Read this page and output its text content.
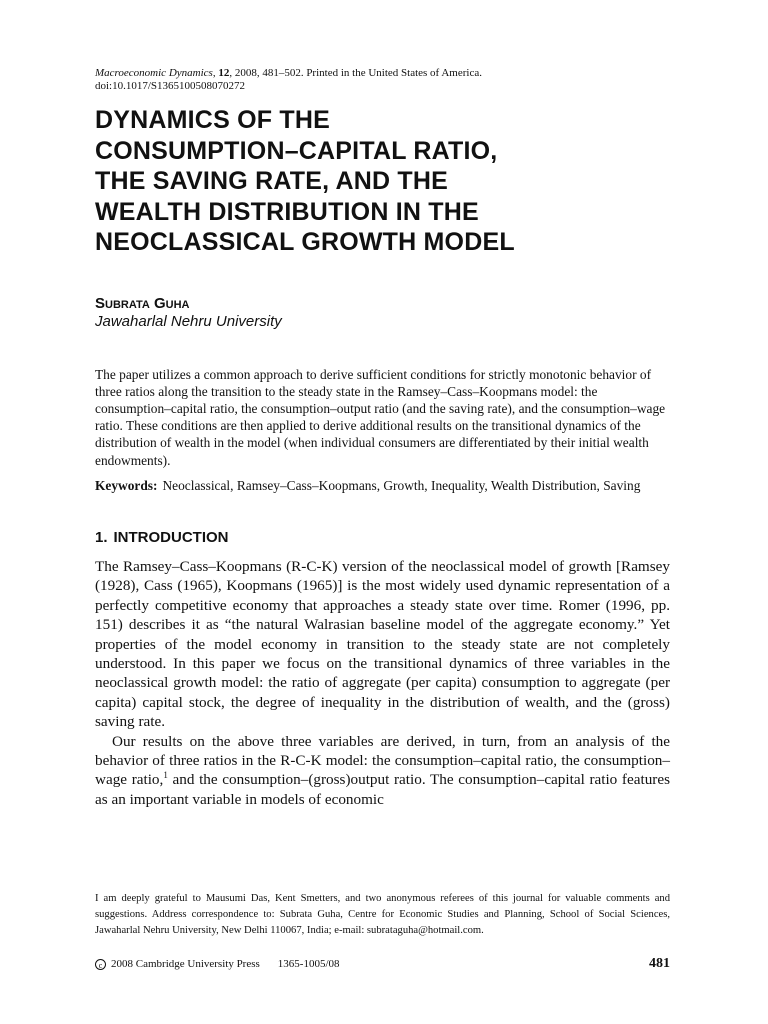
Macroeconomic Dynamics, 12, 2008, 481–502. Printed in the United States of America.
doi:10.1017/S1365100508070272
DYNAMICS OF THE
CONSUMPTION–CAPITAL RATIO,
THE SAVING RATE, AND THE
WEALTH DISTRIBUTION IN THE
NEOCLASSICAL GROWTH MODEL
Subrata Guha
Jawaharlal Nehru University
The paper utilizes a common approach to derive sufficient conditions for strictly monotonic behavior of three ratios along the transition to the steady state in the Ramsey–Cass–Koopmans model: the consumption–capital ratio, the consumption–output ratio (and the saving rate), and the consumption–wage ratio. These conditions are then applied to derive additional results on the transitional dynamics of the distribution of wealth in the model (when individual consumers are differentiated by their initial wealth endowments).
Keywords: Neoclassical, Ramsey–Cass–Koopmans, Growth, Inequality, Wealth Distribution, Saving
1. INTRODUCTION
The Ramsey–Cass–Koopmans (R-C-K) version of the neoclassical model of growth [Ramsey (1928), Cass (1965), Koopmans (1965)] is the most widely used dynamic representation of a perfectly competitive economy that approaches a steady state over time. Romer (1996, pp. 151) describes it as “the natural Walrasian baseline model of the aggregate economy.” Yet properties of the model economy in transition to the steady state are not completely understood. In this paper we focus on the transitional dynamics of three variables in the neoclassical growth model: the ratio of aggregate (per capita) consumption to aggregate (per capita) capital stock, the degree of inequality in the distribution of wealth, and the (gross) saving rate.
Our results on the above three variables are derived, in turn, from an analysis of the behavior of three ratios in the R-C-K model: the consumption–capital ratio, the consumption–wage ratio,$^1$ and the consumption–(gross)output ratio. The consumption–capital ratio features as an important variable in models of economic
I am deeply grateful to Mausumi Das, Kent Smetters, and two anonymous referees of this journal for valuable comments and suggestions. Address correspondence to: Subrata Guha, Centre for Economic Studies and Planning, School of Social Sciences, Jawaharlal Nehru University, New Delhi 110067, India; e-mail: subrataguha@hotmail.com.
c 2008 Cambridge University Press 1365-1005/08	481
